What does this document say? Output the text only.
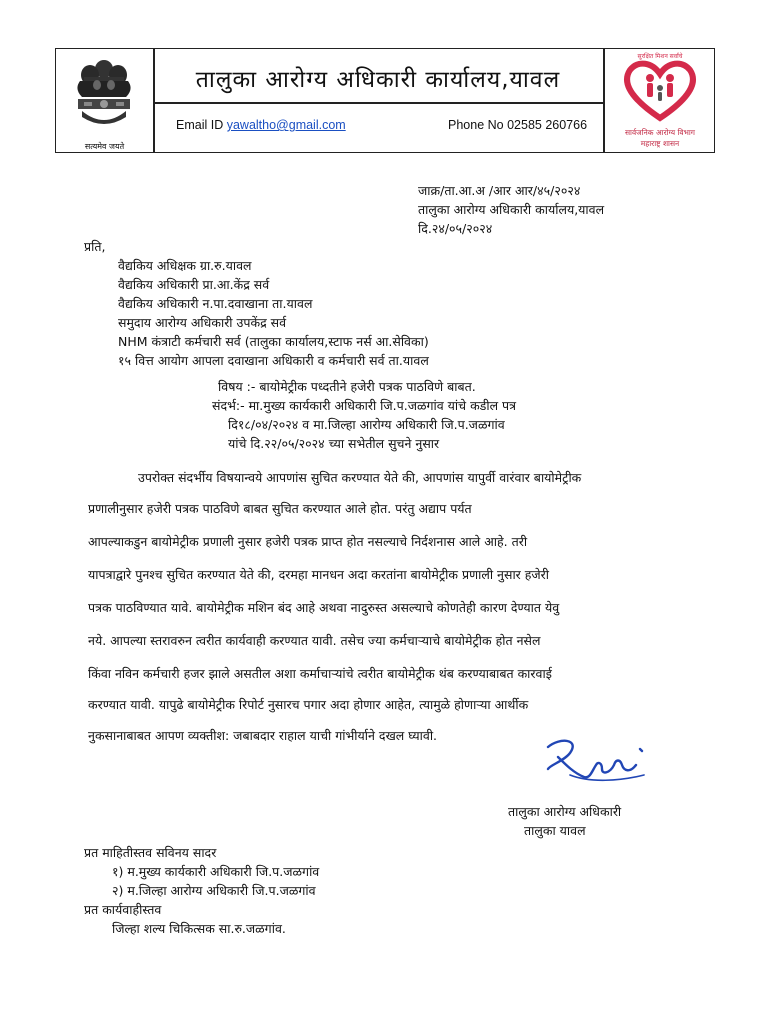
सत्यमेव जयते
तालुका आरोग्य अधिकारी कार्यालय,यावल
Email ID yawaltho@gmail.com	Phone No 02585 260766
सुरक्षित मिशन सर्वांचे
सार्वजनिक आरोग्य विभाग
महाराष्ट्र शासन
जाक्र/ता.आ.अ /आर आर/४५/२०२४
तालुका आरोग्य अधिकारी कार्यालय,यावल
दि.२४/०५/२०२४
प्रति,
वैद्यकिय अधिक्षक ग्रा.रु.यावल
वैद्यकिय अधिकारी प्रा.आ.केंद्र सर्व
वैद्यकिय अधिकारी न.पा.दवाखाना ता.यावल
समुदाय आरोग्य अधिकारी उपकेंद्र सर्व
NHM कंत्राटी कर्मचारी सर्व (तालुका कार्यालय,स्टाफ नर्स आ.सेविका)
१५ वित्त आयोग आपला दवाखाना अधिकारी व कर्मचारी सर्व ता.यावल
विषय :- बायोमेट्रीक पध्दतीने हजेरी पत्रक पाठविणे बाबत.
संदर्भ:- मा.मुख्य कार्यकारी अधिकारी जि.प.जळगांव यांचे कडील पत्र
दि१८/०४/२०२४ व मा.जिल्हा आरोग्य अधिकारी जि.प.जळगांव
यांचे दि.२२/०५/२०२४ च्या सभेतील सुचने नुसार
उपरोक्त संदर्भीय विषयान्वये आपणांस सुचित करण्यात येते की, आपणांस यापुर्वी वारंवार बायोमेट्रीक
प्रणालीनुसार हजेरी पत्रक पाठविणे बाबत सुचित करण्यात आले होत. परंतु अद्याप पर्यत
आपल्याकडुन बायोमेट्रीक प्रणाली नुसार हजेरी पत्रक प्राप्त होत नसल्याचे निर्दशनास आले आहे. तरी
यापत्राद्वारे पुनश्च सुचित करण्यात येते की, दरमहा मानधन अदा करतांना बायोमेट्रीक प्रणाली नुसार हजेरी
पत्रक पाठविण्यात यावे. बायोमेट्रीक मशिन बंद आहे अथवा नादुरुस्त असल्याचे कोणतेही कारण देण्यात येवु
नये. आपल्या स्तरावरुन त्वरीत कार्यवाही करण्यात यावी. तसेच ज्या कर्मचाऱ्याचे बायोमेट्रीक होत नसेल
किंवा नविन कर्मचारी हजर झाले असतील अशा कर्माचाऱ्यांचे त्वरीत बायोमेट्रीक थंब करण्याबाबत कारवाई
करण्यात यावी. यापुढे बायोमेट्रीक रिपोर्ट नुसारच पगार अदा होणार आहेत, त्यामुळे होणाऱ्या आर्थीक
नुकसानाबाबत आपण व्यक्तीश: जबाबदार राहाल याची गांभीर्याने दखल घ्यावी.
तालुका आरोग्य अधिकारी
तालुका यावल
प्रत माहितीस्तव सविनय सादर
१) म.मुख्य कार्यकारी अधिकारी जि.प.जळगांव
२) म.जिल्हा आरोग्य अधिकारी जि.प.जळगांव
प्रत कार्यवाहीस्तव
जिल्हा शल्य चिकित्सक सा.रु.जळगांव.
